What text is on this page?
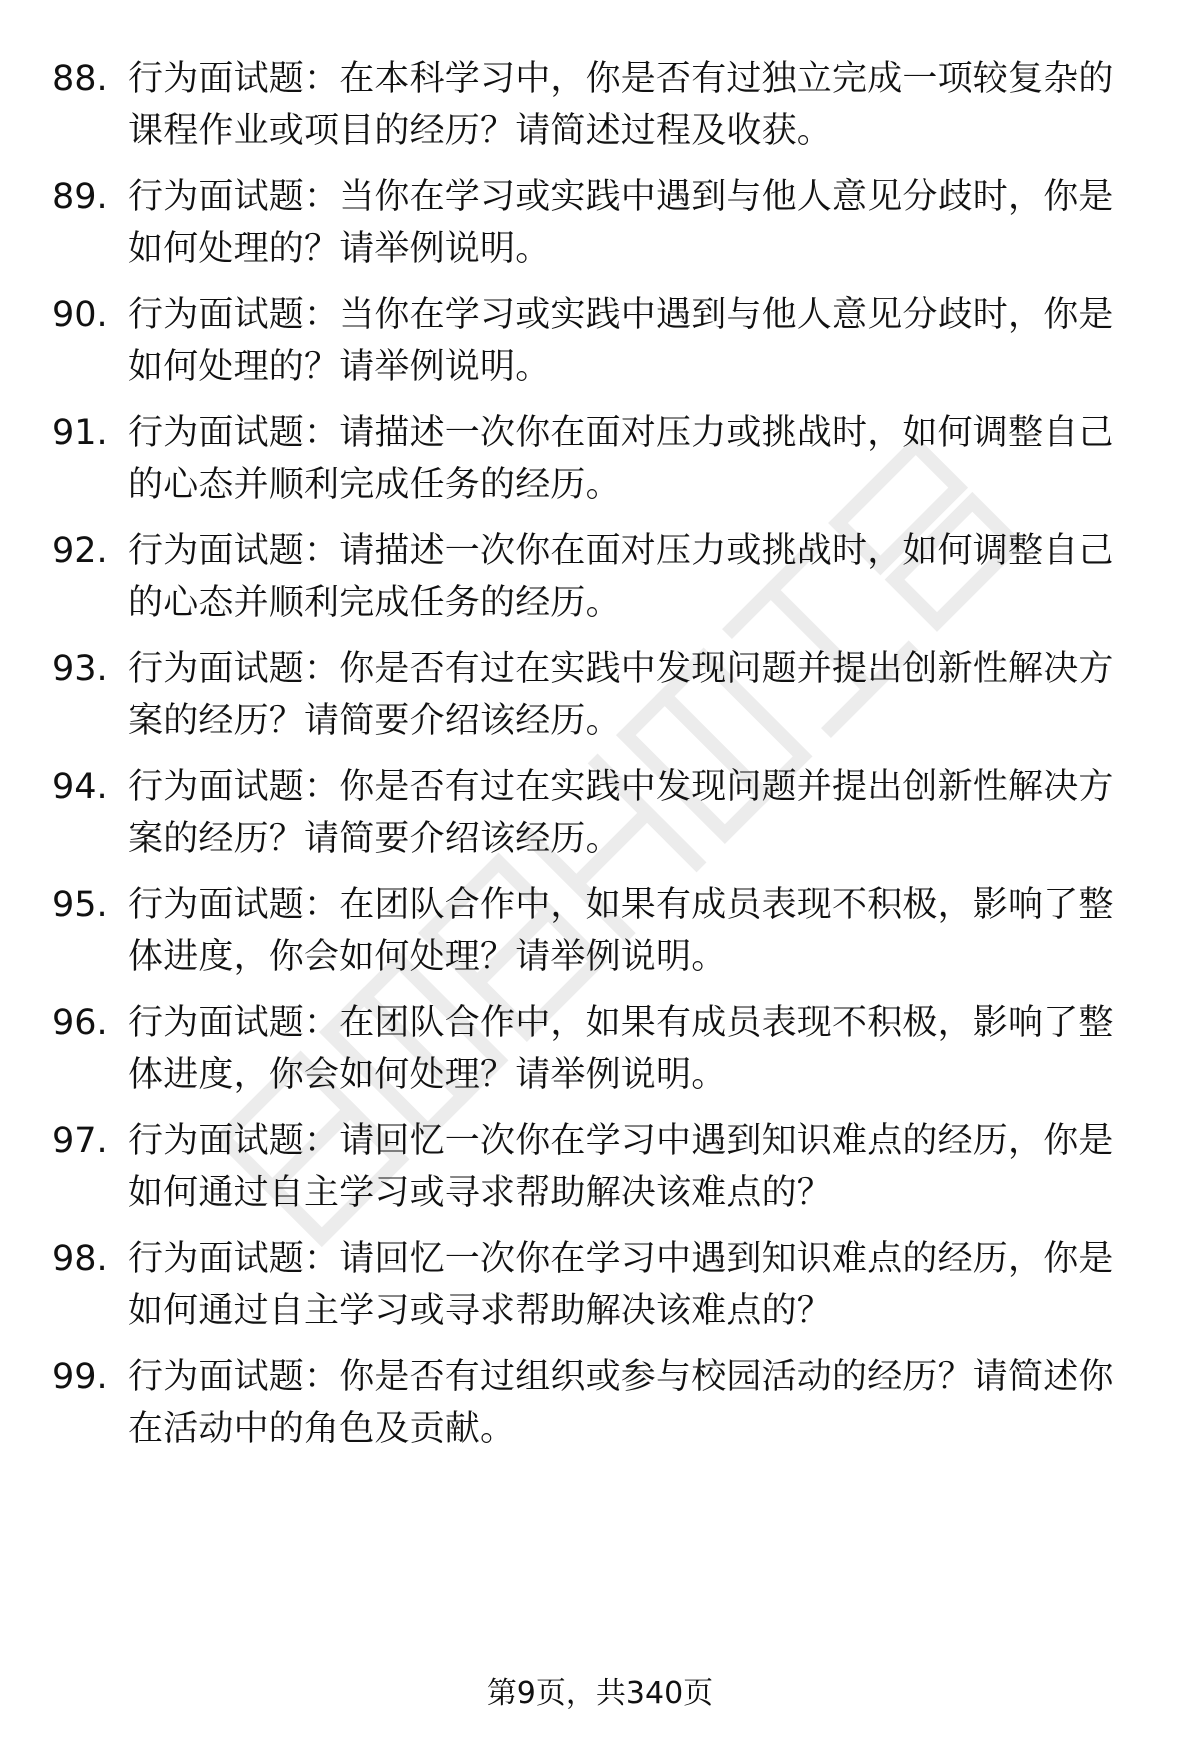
88. 行为面试题：在本科学习中，你是否有过独立完成一项较复杂的
课程作业或项目的经历？请简述过程及收获。
89. 行为面试题：当你在学习或实践中遇到与他人意见分歧时，你是
如何处理的？请举例说明。
90. 行为面试题：当你在学习或实践中遇到与他人意见分歧时，你是
如何处理的？请举例说明。
91. 行为面试题：请描述一次你在面对压力或挑战时，如何调整自己
的心态并顺利完成任务的经历。
92. 行为面试题：请描述一次你在面对压力或挑战时，如何调整自己
的心态并顺利完成任务的经历。
93. 行为面试题：你是否有过在实践中发现问题并提出创新性解决方
案的经历？请简要介绍该经历。
94. 行为面试题：你是否有过在实践中发现问题并提出创新性解决方
案的经历？请简要介绍该经历。
95. 行为面试题：在团队合作中，如果有成员表现不积极，影响了整
体进度，你会如何处理？请举例说明。
96. 行为面试题：在团队合作中，如果有成员表现不积极，影响了整
体进度，你会如何处理？请举例说明。
97. 行为面试题：请回忆一次你在学习中遇到知识难点的经历，你是
如何通过自主学习或寻求帮助解决该难点的？
98. 行为面试题：请回忆一次你在学习中遇到知识难点的经历，你是
如何通过自主学习或寻求帮助解决该难点的？
99. 行为面试题：你是否有过组织或参与校园活动的经历？请简述你
在活动中的角色及贡献。
第9页，共340页
